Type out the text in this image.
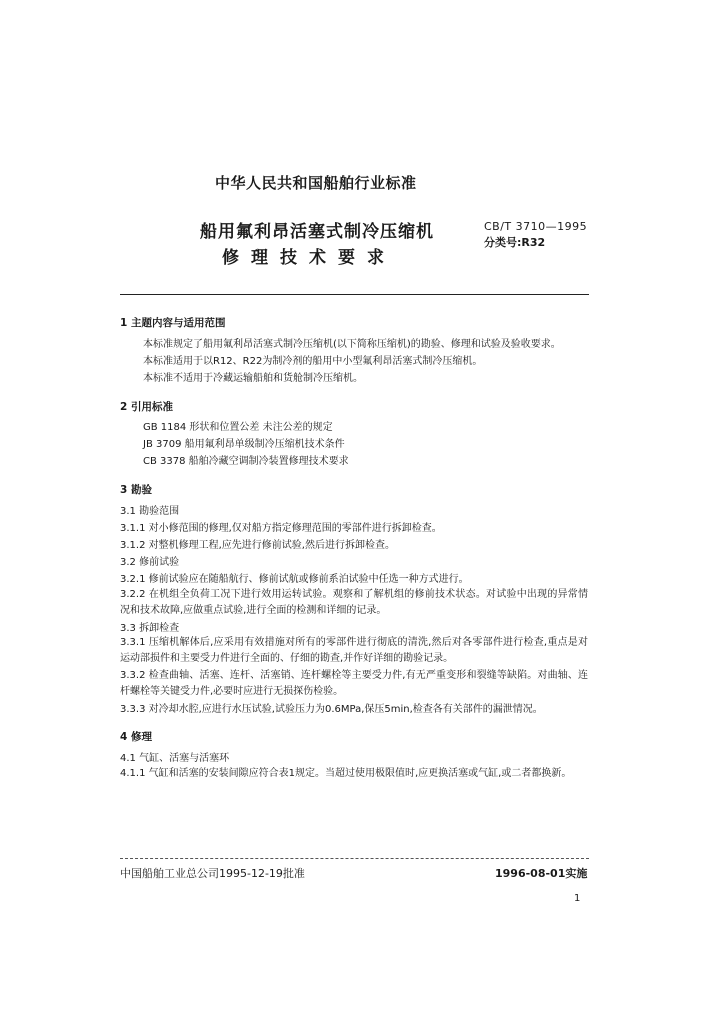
中华人民共和国船舶行业标准
船用氟利昂活塞式制冷压缩机
修理技术要求
CB/T 3710—1995
分类号:R32
1 主题内容与适用范围
本标准规定了船用氟利昂活塞式制冷压缩机(以下简称压缩机)的勘验、修理和试验及验收要求。
本标准适用于以R12、R22为制冷剂的船用中小型氟利昂活塞式制冷压缩机。
本标准不适用于冷藏运输船舶和货舱制冷压缩机。
2 引用标准
GB 1184 形状和位置公差 未注公差的规定
JB 3709 船用氟利昂单级制冷压缩机技术条件
CB 3378 船舶冷藏空调制冷装置修理技术要求
3 勘验
3.1 勘验范围
3.1.1 对小修范围的修理,仅对船方指定修理范围的零部件进行拆卸检查。
3.1.2 对整机修理工程,应先进行修前试验,然后进行拆卸检查。
3.2 修前试验
3.2.1 修前试验应在随船航行、修前试航或修前系泊试验中任选一种方式进行。
3.2.2 在机组全负荷工况下进行效用运转试验。观察和了解机组的修前技术状态。对试验中出现的异常情况和技术故障,应做重点试验,进行全面的检测和详细的记录。
3.3 拆卸检查
3.3.1 压缩机解体后,应采用有效措施对所有的零部件进行彻底的清洗,然后对各零部件进行检查,重点是对运动部损件和主要受力件进行全面的、仔细的勘查,并作好详细的勘验记录。
3.3.2 检查曲轴、活塞、连杆、活塞销、连杆螺栓等主要受力件,有无严重变形和裂缝等缺陷。对曲轴、连杆螺栓等关键受力件,必要时应进行无损探伤检验。
3.3.3 对冷却水腔,应进行水压试验,试验压力为0.6MPa,保压5min,检查各有关部件的漏泄情况。
4 修理
4.1 气缸、活塞与活塞环
4.1.1 气缸和活塞的安装间隙应符合表1规定。当超过使用极限值时,应更换活塞或气缸,或二者都换新。
中国船舶工业总公司1995-12-19批准	1996-08-01实施
1
